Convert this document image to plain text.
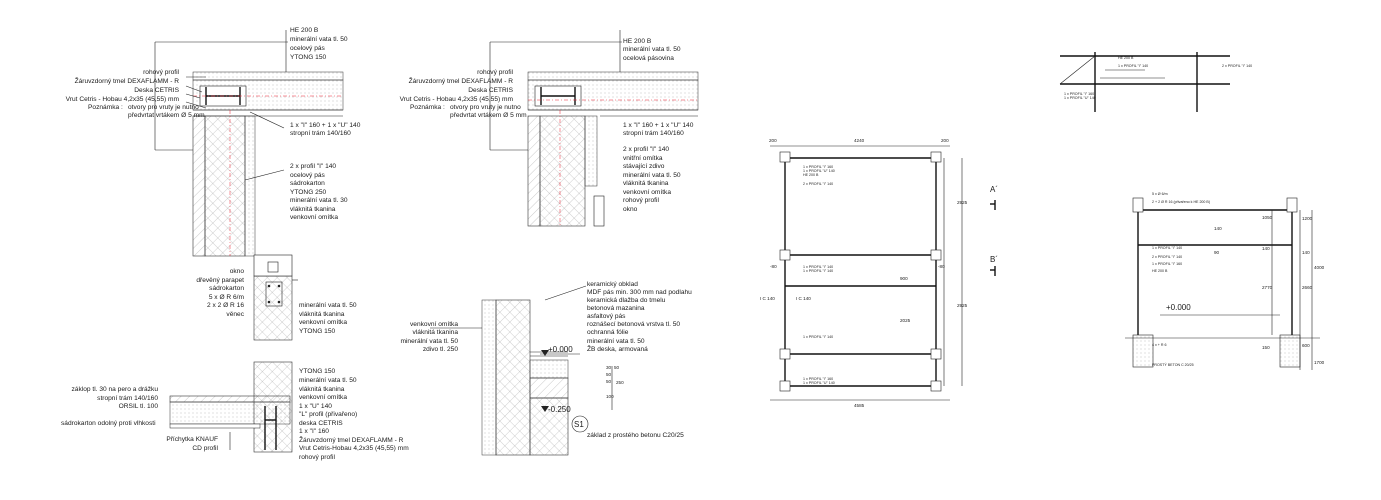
HE 200 B
minerální vata tl. 50
ocelový pás
YTONG 150
rohový profil
Žáruvzdorný tmel DEXAFLAMM - R
Deska CETRIS
Vrut Cetris - Hobau 4,2x35 (45,55) mm
Poznámka : otvory pro vruty je nutno
předvrtat vrtákem Ø 5 mm
1 x "I" 160 + 1 x "U" 140
stropní trám 140/160
2 x profil "I" 140
ocelový pás
sádrokarton
YTONG 250
minerální vata tl. 30
vláknitá tkanina
venkovní omítka
HE 200 B
minerální vata tl. 50
ocelová pásovina
rohový profil
Žáruvzdorný tmel DEXAFLAMM - R
Deska CETRIS
Vrut Cetris - Hobau 4,2x35 (45,55) mm
Poznámka : otvory pro vruty je nutno
předvrtat vrtákem Ø 5 mm
1 x "I" 160 + 1 x "U" 140
stropní trám 140/160
2 x profil "I" 140
vnitřní omítka
stávající zdivo
minerální vata tl. 50
vláknitá tkanina
venkovní omítka
rohový profil
okno
okno
dřevěný parapet
sádrokarton
5 x Ø R 6/m
2 x 2 Ø R 16
věnec
minerální vata tl. 50
vláknitá tkanina
venkovní omítka
YTONG 150
záklop tl. 30 na pero a drážku
stropní trám 140/160
ORSIL tl. 100
sádrokarton odolný proti vlhkosti
Příchytka KNAUF
CD profil
YTONG 150
minerální vata tl. 50
vláknitá tkanina
venkovní omítka
1 x "U" 140
"L" profil (přivařeno)
deska CETRIS
1 x "I" 160
Žáruvzdorný tmel DEXAFLAMM - R
Vrut Cetris-Hobau 4,2x35 (45,55) mm
rohový profil
keramický obklad
MDF pás min. 300 mm nad podlahu
keramická dlažba do tmelu
betonová mazanina
asfaltový pás
roznášecí betonová vrstva tl. 50
ochranná fólie
minerální vata tl. 50
ŽB deska, armovaná
venkovní omítka
vláknitá tkanina
minerální vata tl. 50
zdivo tl. 250	+0.000
-0.250
S1
30
50
50
50
100
250
základ z prostého betonu C20/25
200	4240	200
4585
2925
2925
900
2025
-80	-80
I C 140	I C 140
A´
B´
1 x PROFIL "I" 160
1 x PROFIL "U" 140
HE 200 B
2 x PROFIL "I" 140
1 x PROFIL "I" 140
1 x PROFIL "I" 140
1 x PROFIL "I" 140
1 x PROFIL "I" 160
1 x PROFIL "U" 140
HE 200 B
1 x PROFIL "I" 140	2 x PROFIL "I" 140
1 x PROFIL "I" 160
1 x PROFIL "U" 140
5 x Ø 6/m
2 + 2 Ø R 16 (přivařeno k HE 200 B)
1 x PROFIL "I" 140
2 x PROFIL "I" 140
1 x PROFIL "I" 160
HE 200 B
+0.000
1050
140
2770
150
140
90
1200
140
2660
4000
600
1700
4 x + R 6
PROSTÝ BETON C 20/25
